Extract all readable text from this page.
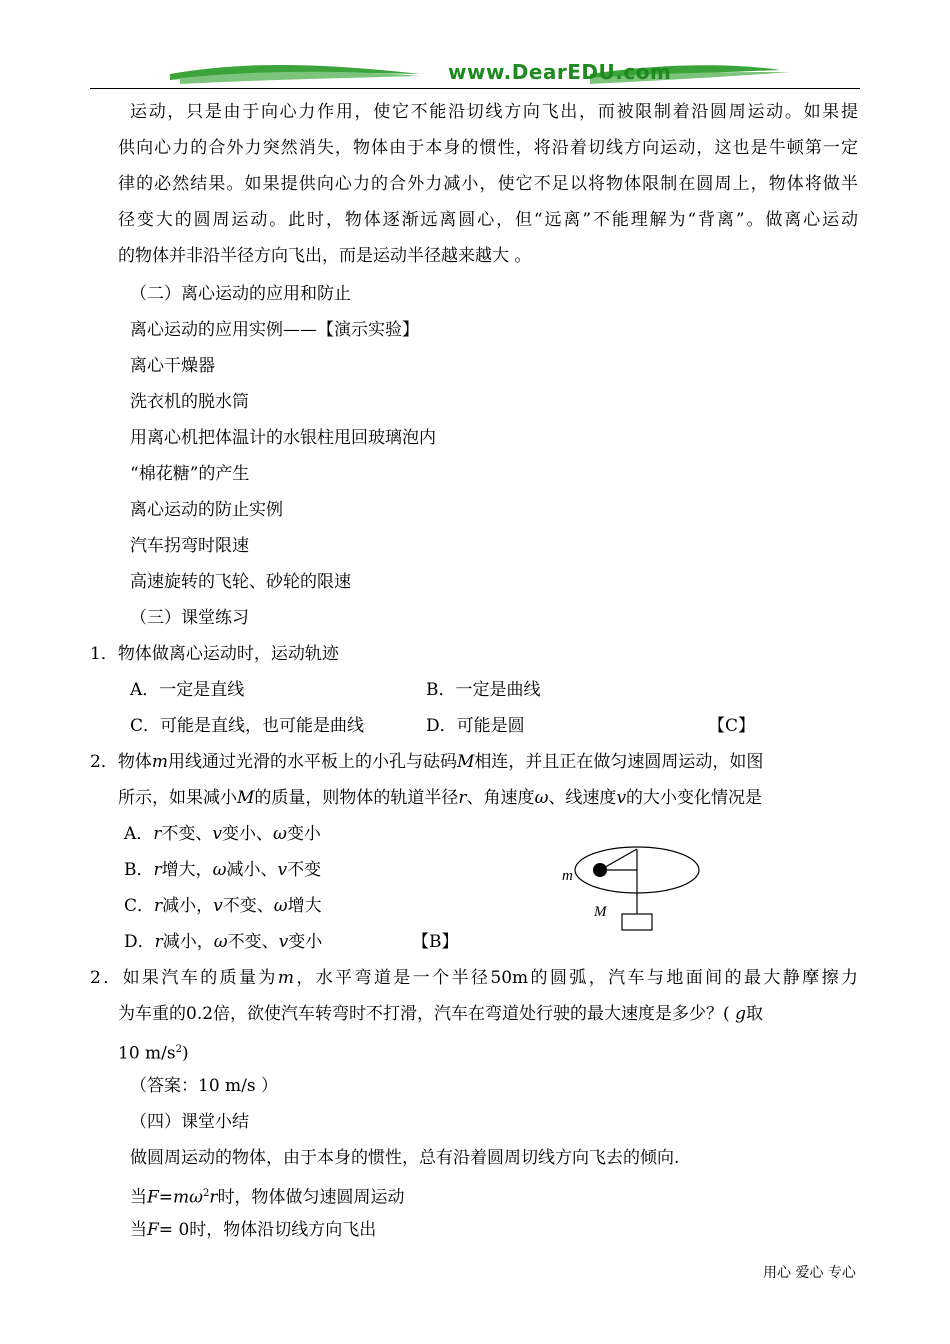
www.DearEDU.com
运动，只是由于向心力作用，使它不能沿切线方向飞出，而被限制着沿圆周运动。如果提
供向心力的合外力突然消失，物体由于本身的惯性，将沿着切线方向运动，这也是牛顿第一定
律的必然结果。如果提供向心力的合外力减小，使它不足以将物体限制在圆周上，物体将做半
径变大的圆周运动。此时，物体逐渐远离圆心，但“远离”不能理解为“背离”。做离心运动
的物体并非沿半径方向飞出，而是运动半径越来越大 。
（二）离心运动的应用和防止
离心运动的应用实例——【演示实验】
离心干燥器
洗衣机的脱水筒
用离心机把体温计的水银柱甩回玻璃泡内
“棉花糖”的产生
离心运动的防止实例
汽车拐弯时限速
高速旋转的飞轮、砂轮的限速
（三）课堂练习
1．物体做离心运动时，运动轨迹
A．一定是直线	B．一定是曲线
C．可能是直线，也可能是曲线	D．可能是圆	【C】
2．物体m用线通过光滑的水平板上的小孔与砝码M相连，并且正在做匀速圆周运动，如图
所示，如果减小M的质量，则物体的轨道半径r、角速度ω、线速度v的大小变化情况是
A．r不变、v变小、ω变小
B．r增大，ω减小、v不变
C．r减小，v不变、ω增大
D．r减小，ω不变、v变小	【B】
m
M
2．如果汽车的质量为m，水平弯道是一个半径50m的圆弧，汽车与地面间的最大静摩擦力
为车重的0.2倍，欲使汽车转弯时不打滑，汽车在弯道处行驶的最大速度是多少？( g取
10 $m/s^2$)
（答案：10 m/s ）
（四）课堂小结
做圆周运动的物体，由于本身的惯性，总有沿着圆周切线方向飞去的倾向.
当$F=m\omega^2r$时，物体做匀速圆周运动
当F= 0时，物体沿切线方向飞出
用心 爱心 专心
